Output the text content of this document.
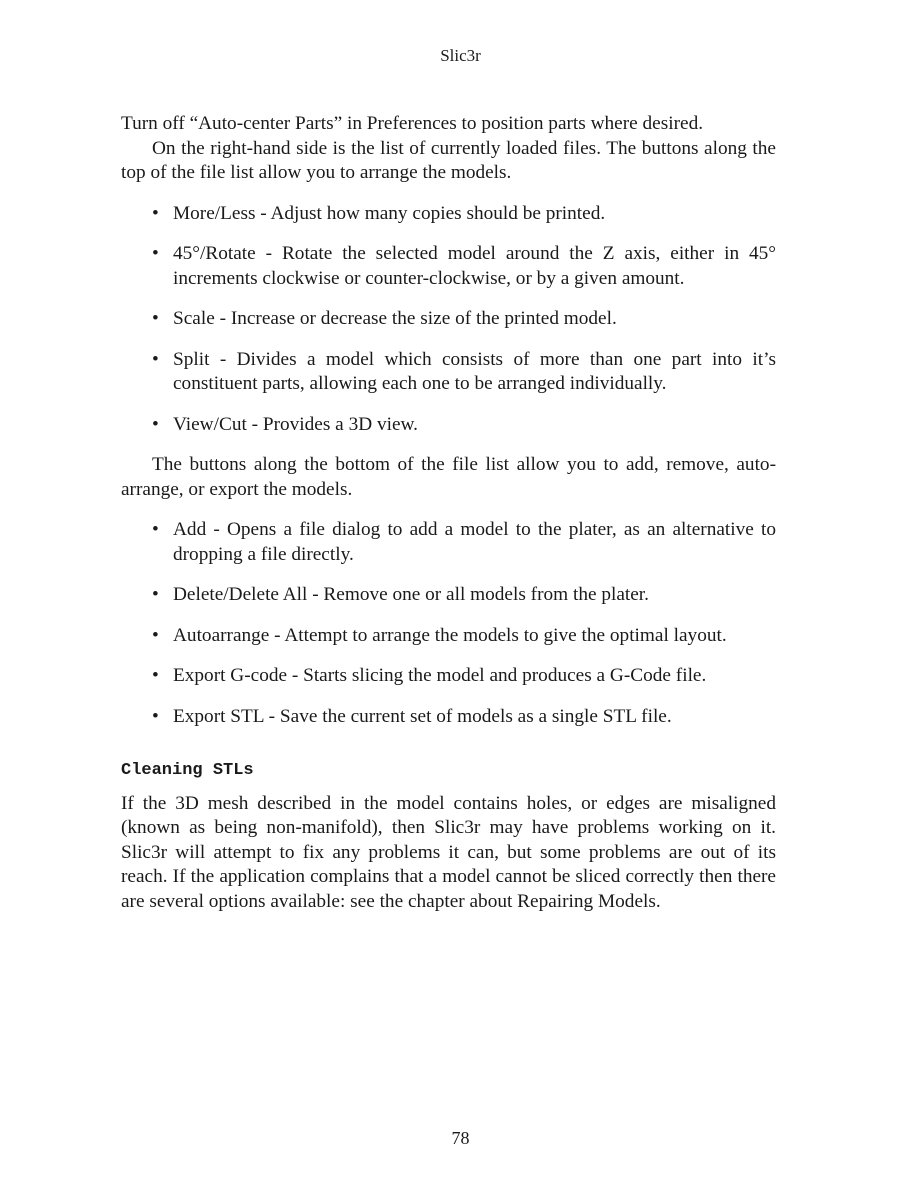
Slic3r

Turn off “Auto-center Parts” in Preferences to position parts where desired.

On the right-hand side is the list of currently loaded files. The buttons along the top of the file list allow you to arrange the models.

• More/Less - Adjust how many copies should be printed.
• 45°/Rotate - Rotate the selected model around the Z axis, either in 45° increments clockwise or counter-clockwise, or by a given amount.
• Scale - Increase or decrease the size of the printed model.
• Split - Divides a model which consists of more than one part into it’s constituent parts, allowing each one to be arranged individually.
• View/Cut - Provides a 3D view.

The buttons along the bottom of the file list allow you to add, remove, auto-arrange, or export the models.

• Add - Opens a file dialog to add a model to the plater, as an alternative to dropping a file directly.
• Delete/Delete All - Remove one or all models from the plater.
• Autoarrange - Attempt to arrange the models to give the optimal layout.
• Export G-code - Starts slicing the model and produces a G-Code file.
• Export STL - Save the current set of models as a single STL file.
Cleaning STLs

If the 3D mesh described in the model contains holes, or edges are misaligned (known as being non-manifold), then Slic3r may have problems working on it. Slic3r will attempt to fix any problems it can, but some problems are out of its reach. If the application complains that a model cannot be sliced correctly then there are several options available: see the chapter about Repairing Models.

78
